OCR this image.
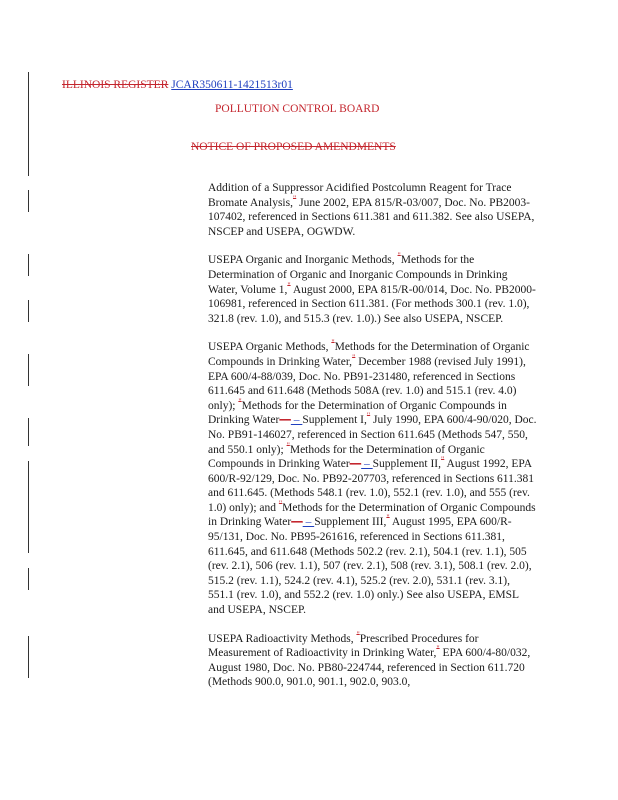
ILLINOIS REGISTER JCAR350611-1421513r01
POLLUTION CONTROL BOARD
NOTICE OF PROPOSED AMENDMENTS

Addition of a Suppressor Acidified Postcolumn Reagent for Trace Bromate Analysis," June 2002, EPA 815/R-03/007, Doc. No. PB2003-107402, referenced in Sections 611.381 and 611.382. See also USEPA, NSCEP and USEPA, OGWDW.

USEPA Organic and Inorganic Methods, "Methods for the Determination of Organic and Inorganic Compounds in Drinking Water, Volume 1," August 2000, EPA 815/R-00/014, Doc. No. PB2000-106981, referenced in Section 611.381. (For methods 300.1 (rev. 1.0), 321.8 (rev. 1.0), and 515.3 (rev. 1.0).) See also USEPA, NSCEP.

USEPA Organic Methods, "Methods for the Determination of Organic Compounds in Drinking Water," December 1988 (revised July 1991), EPA 600/4-88/039, Doc. No. PB91-231480, referenced in Sections 611.645 and 611.648 (Methods 508A (rev. 1.0) and 515.1 (rev. 4.0) only); "Methods for the Determination of Organic Compounds in Drinking Water— – Supplement I," July 1990, EPA 600/4-90/020, Doc. No. PB91-146027, referenced in Section 611.645 (Methods 547, 550, and 550.1 only); "Methods for the Determination of Organic Compounds in Drinking Water— – Supplement II," August 1992, EPA 600/R-92/129, Doc. No. PB92-207703, referenced in Sections 611.381 and 611.645. (Methods 548.1 (rev. 1.0), 552.1 (rev. 1.0), and 555 (rev. 1.0) only); and "Methods for the Determination of Organic Compounds in Drinking Water— – Supplement III," August 1995, EPA 600/R-95/131, Doc. No. PB95-261616, referenced in Sections 611.381, 611.645, and 611.648 (Methods 502.2 (rev. 2.1), 504.1 (rev. 1.1), 505 (rev. 2.1), 506 (rev. 1.1), 507 (rev. 2.1), 508 (rev. 3.1), 508.1 (rev. 2.0), 515.2 (rev. 1.1), 524.2 (rev. 4.1), 525.2 (rev. 2.0), 531.1 (rev. 3.1), 551.1 (rev. 1.0), and 552.2 (rev. 1.0) only.) See also USEPA, EMSL and USEPA, NSCEP.

USEPA Radioactivity Methods, "Prescribed Procedures for Measurement of Radioactivity in Drinking Water," EPA 600/4-80/032, August 1980, Doc. No. PB80-224744, referenced in Section 611.720 (Methods 900.0, 901.0, 901.1, 902.0, 903.0,
